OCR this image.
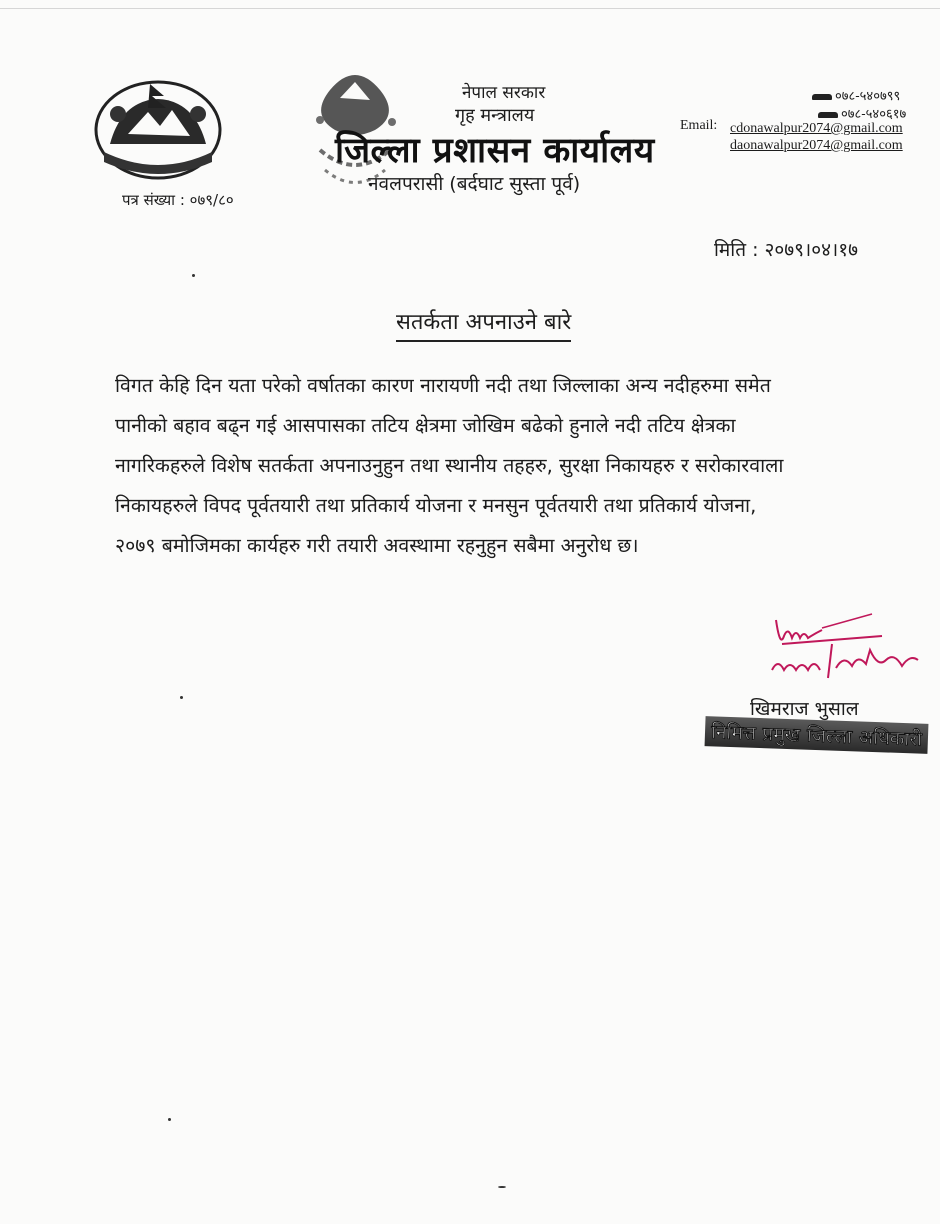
नेपाल सरकार
गृह मन्त्रालय
जिल्ला प्रशासन कार्यालय
नवलपरासी (बर्दघाट सुस्ता पूर्व)
०७८-५४०७९९
०७८-५४०६१७
Email: cdonawalpur2074@gmail.com
daonawalpur2074@gmail.com
पत्र संख्या : ०७९/८०
मिति : २०७९।०४।१७
सतर्कता अपनाउने बारे
विगत केहि दिन यता परेको वर्षातका कारण नारायणी नदी तथा जिल्लाका अन्य नदीहरुमा समेत
पानीको बहाव बढ्न गई आसपासका तटिय क्षेत्रमा जोखिम बढेको हुनाले नदी तटिय क्षेत्रका
नागरिकहरुले विशेष सतर्कता अपनाउनुहुन तथा स्थानीय तहहरु, सुरक्षा निकायहरु र सरोकारवाला
निकायहरुले विपद पूर्वतयारी तथा प्रतिकार्य योजना र मनसुन पूर्वतयारी तथा प्रतिकार्य योजना,
२०७९ बमोजिमका कार्यहरु गरी तयारी अवस्थामा रहनुहुन सबैमा अनुरोध छ।
खिमराज भुसाल
निमित्त प्रमुख जिल्ला अधिकारी
